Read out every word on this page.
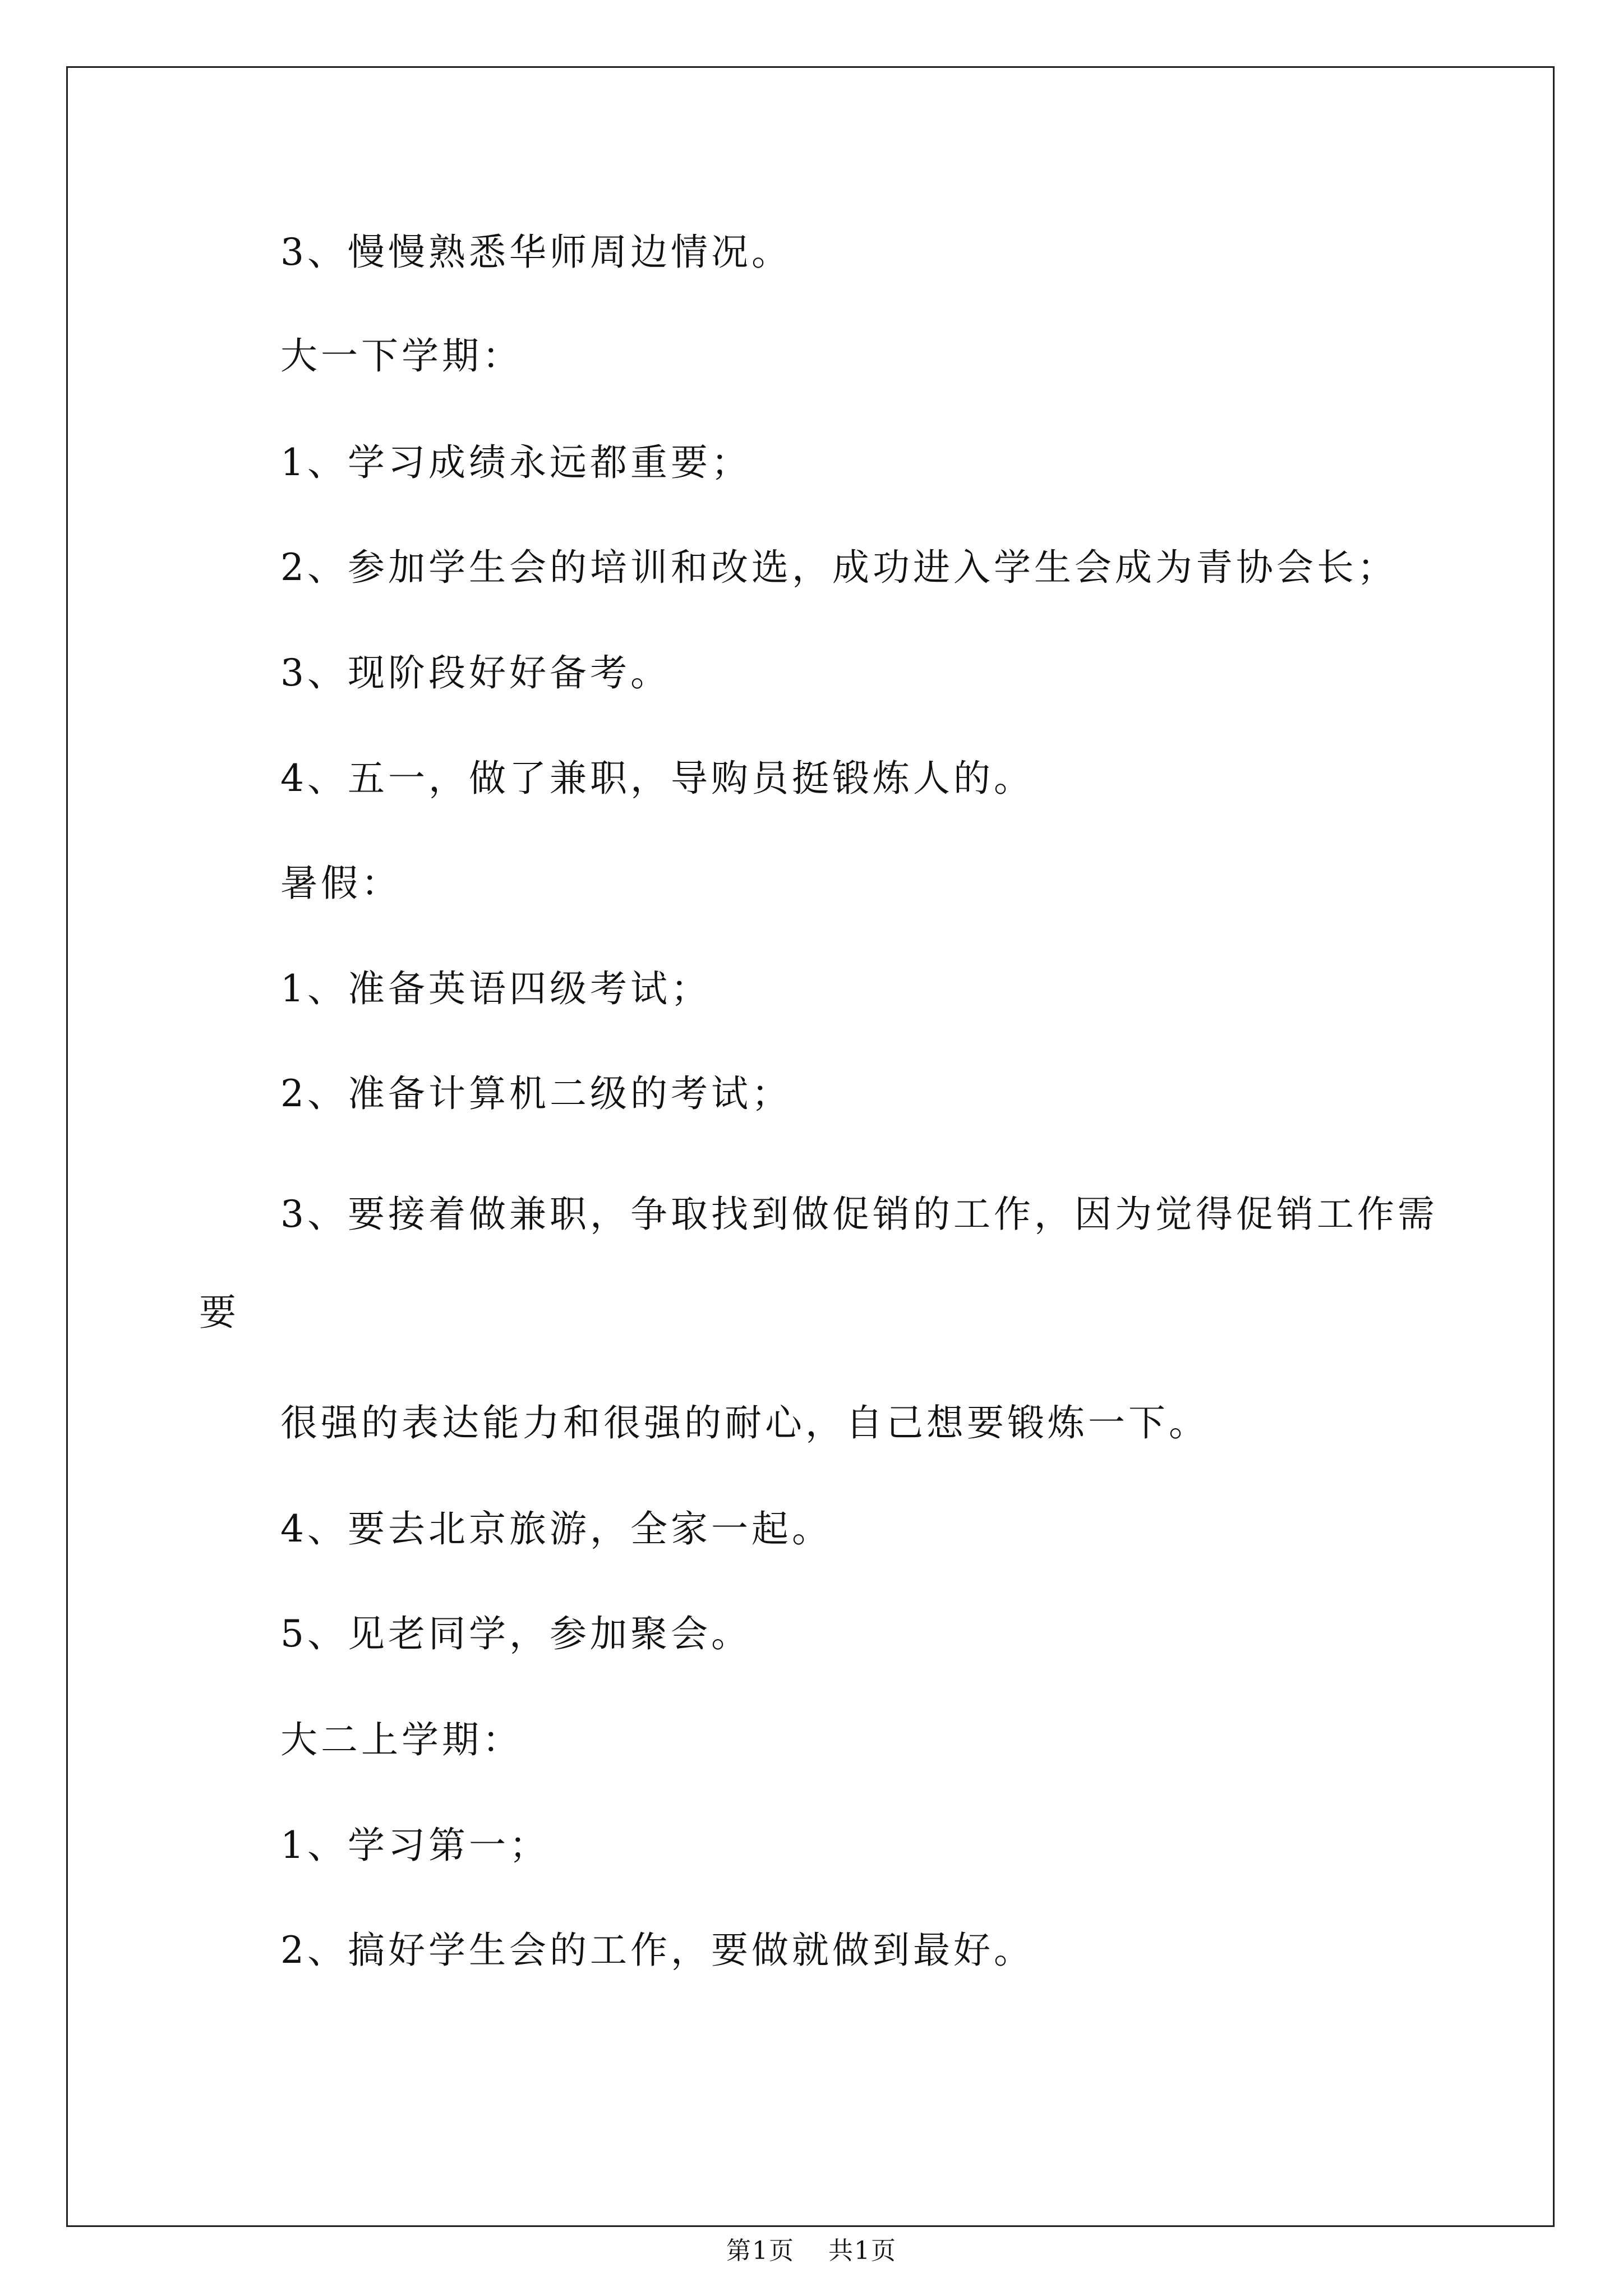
3、慢慢熟悉华师周边情况。
大一下学期：
1、学习成绩永远都重要；
2、参加学生会的培训和改选，成功进入学生会成为青协会长；
3、现阶段好好备考。
4、五一，做了兼职，导购员挺锻炼人的。
暑假：
1、准备英语四级考试；
2、准备计算机二级的考试；
3、要接着做兼职，争取找到做促销的工作，因为觉得促销工作需
要
很强的表达能力和很强的耐心，自己想要锻炼一下。
4、要去北京旅游，全家一起。
5、见老同学，参加聚会。
大二上学期：
1、学习第一；
2、搞好学生会的工作，要做就做到最好。
第1页 共1页
